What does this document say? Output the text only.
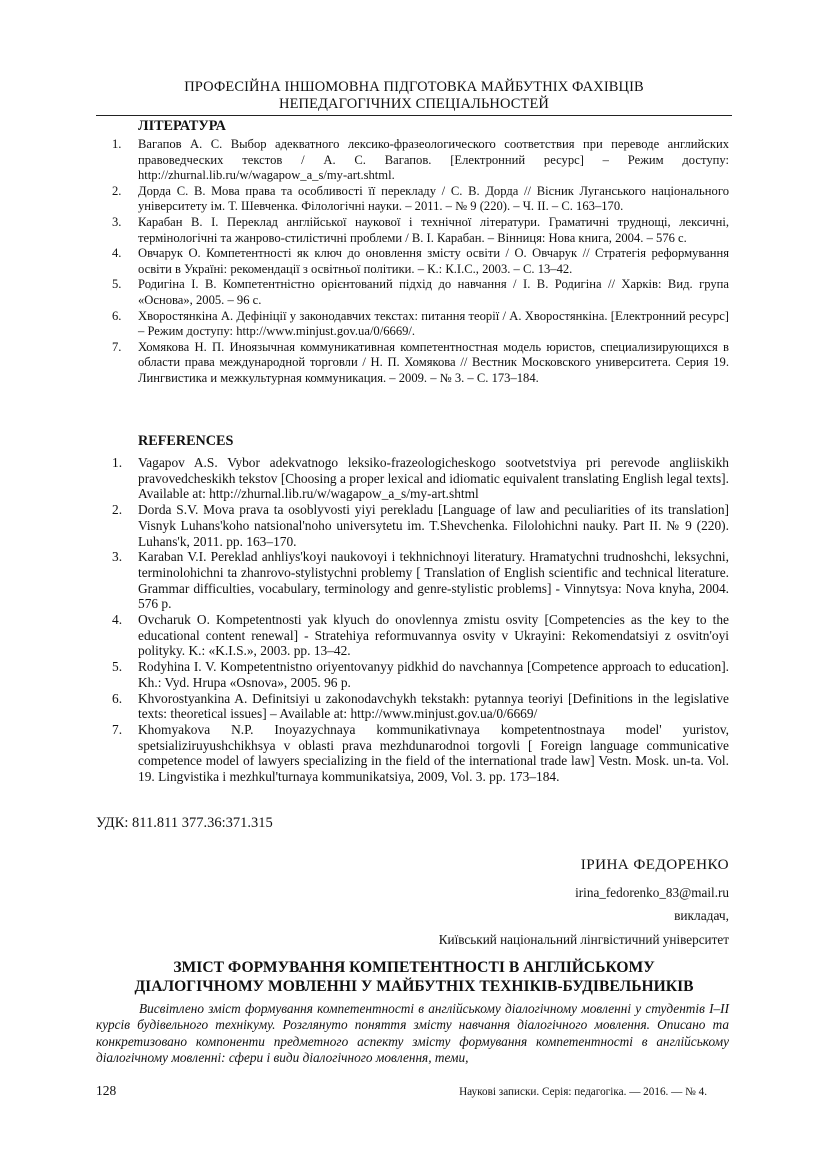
ПРОФЕСІЙНА ІНШОМОВНА ПІДГОТОВКА МАЙБУТНІХ ФАХІВЦІВ
НЕПЕДАГОГІЧНИХ СПЕЦІАЛЬНОСТЕЙ
ЛІТЕРАТУРА
1. Вагапов А. С. Выбор адекватного лексико-фразеологического соответствия при переводе английских правоведческих текстов / А. С. Вагапов. [Електронний ресурс] – Режим доступу: http://zhurnal.lib.ru/w/wagapow_a_s/my-art.shtml.
2. Дорда С. В. Мова права та особливості її перекладу / С. В. Дорда // Вісник Луганського національного університету ім. Т. Шевченка. Філологічні науки. – 2011. – № 9 (220). – Ч. ІІ. – С. 163–170.
3. Карабан В. І. Переклад англійської наукової і технічної літератури. Граматичні труднощі, лексичні, термінологічні та жанрово-стилістичні проблеми / В. І. Карабан. – Вінниця: Нова книга, 2004. – 576 с.
4. Овчарук О. Компетентності як ключ до оновлення змісту освіти / О. Овчарук // Стратегія реформування освіти в Україні: рекомендації з освітньої політики. – К.: К.І.С., 2003. – С. 13–42.
5. Родигіна І. В. Компетентністно орієнтований підхід до навчання / І. В. Родигіна // Харків: Вид. група «Основа», 2005. – 96 с.
6. Хворостянкіна А. Дефініції у законодавчих текстах: питання теорії / А. Хворостянкіна. [Електронний ресурс] – Режим доступу: http://www.minjust.gov.ua/0/6669/.
7. Хомякова Н. П. Иноязычная коммуникативная компетентностная модель юристов, специализирующихся в области права международной торговли / Н. П. Хомякова // Вестник Московского университета. Серия 19. Лингвистика и межкультурная коммуникация. – 2009. – № 3. – С. 173–184.
REFERENCES
1. Vagapov A.S. Vybor adekvatnogo leksiko-frazeologicheskogo sootvetstviya pri perevode angliiskikh pravovedcheskikh tekstov [Choosing a proper lexical and idiomatic equivalent translating English legal texts]. Available at: http://zhurnal.lib.ru/w/wagapow_a_s/my-art.shtml
2. Dorda S.V. Mova prava ta osoblyvosti yiyi perekladu [Language of law and peculiarities of its translation] Visnyk Luhans'koho natsional'noho universytetu im. T.Shevchenka. Filolohichni nauky. Part II. № 9 (220). Luhans'k, 2011. pp. 163–170.
3. Karaban V.I. Pereklad anhliys'koyi naukovoyi i tekhnichnoyi literatury. Hramatychni trudnoshchi, leksychni, terminolohichni ta zhanrovo-stylistychni problemy [ Translation of English scientific and technical literature. Grammar difficulties, vocabulary, terminology and genre-stylistic problems] - Vinnytsya: Nova knyha, 2004. 576 p.
4. Ovcharuk O. Kompetentnosti yak klyuch do onovlennya zmistu osvity [Competencies as the key to the educational content renewal] - Stratehiya reformuvannya osvity v Ukrayini: Rekomendatsiyi z osvitn'oyi polityky. K.: «K.I.S.», 2003. pp. 13–42.
5. Rodyhina I. V. Kompetentnistno oriyentovanyy pidkhid do navchannya [Competence approach to education]. Kh.: Vyd. Hrupa «Osnova», 2005. 96 p.
6. Khvorostyankina A. Definitsiyi u zakonodavchykh tekstakh: pytannya teoriyi [Definitions in the legislative texts: theoretical issues] – Available at: http://www.minjust.gov.ua/0/6669/
7. Khomyakova N.P. Inoyazychnaya kommunikativnaya kompetentnostnaya model' yuristov, spetsializiruyushchikhsya v oblasti prava mezhdunarodnoi torgovli [ Foreign language communicative competence model of lawyers specializing in the field of the international trade law] Vestn. Mosk. un-ta. Vol. 19. Lingvistika i mezhkul'turnaya kommunikatsiya, 2009, Vol. 3. pp. 173–184.
УДК: 811.811 377.36:371.315
ІРИНА ФЕДОРЕНКО
irina_fedorenko_83@mail.ru
викладач,
Київський національний лінгвістичний університет
ЗМІСТ ФОРМУВАННЯ КОМПЕТЕНТНОСТІ В АНГЛІЙСЬКОМУ
ДІАЛОГІЧНОМУ МОВЛЕННІ У МАЙБУТНІХ ТЕХНІКІВ-БУДІВЕЛЬНИКІВ

Висвітлено зміст формування компетентності в англійському діалогічному мовленні у студентів I–II курсів будівельного технікуму. Розглянуто поняття змісту навчання діалогічного мовлення. Описано та конкретизовано компоненти предметного аспекту змісту формування компетентності в англійському діалогічному мовленні: сфери і види діалогічного мовлення, теми,

128	Наукові записки. Серія: педагогіка. — 2016. — № 4.
